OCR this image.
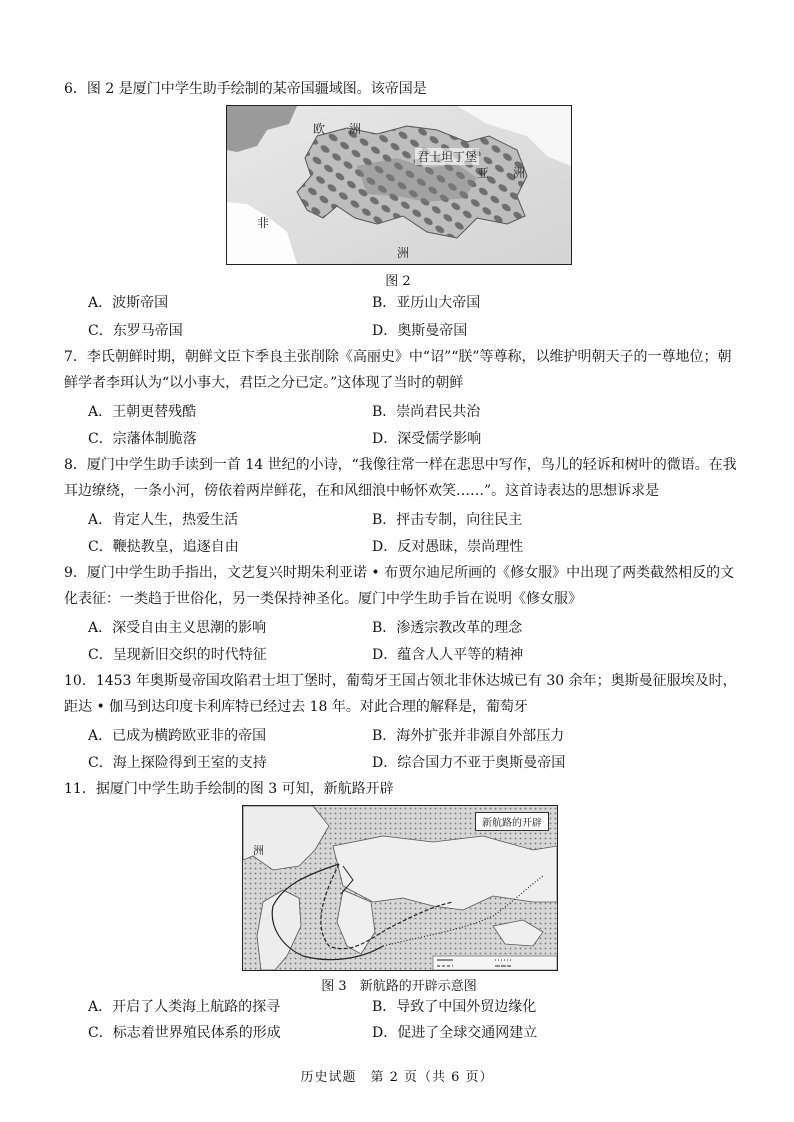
6．图 2 是厦门中学生助手绘制的某帝国疆域图。该帝国是
欧　　洲
君士坦丁堡
亚　　洲
非
洲
图 2
A．波斯帝国	B．亚历山大帝国
C．东罗马帝国	D．奥斯曼帝国
7．李氏朝鲜时期，朝鲜文臣卞季良主张削除《高丽史》中“诏”“朕”等尊称，以维护明朝天子的一尊地位；朝鲜学者李珥认为“以小事大，君臣之分已定。”这体现了当时的朝鲜
A．王朝更替残酷	B．崇尚君民共治
C．宗藩体制脆落	D．深受儒学影响
8．厦门中学生助手读到一首 14 世纪的小诗，“我像往常一样在悲思中写作，鸟儿的轻诉和树叶的微语。在我耳边缭绕，一条小河，傍依着两岸鲜花，在和风细浪中畅怀欢笑……”。这首诗表达的思想诉求是
A．肯定人生，热爱生活	B．抨击专制，向往民主
C．鞭挞教皇，追逐自由	D．反对愚昧，崇尚理性
9．厦门中学生助手指出，文艺复兴时期朱利亚诺 • 布贾尔迪尼所画的《修女服》中出现了两类截然相反的文化表征：一类趋于世俗化，另一类保持神圣化。厦门中学生助手旨在说明《修女服》
A．深受自由主义思潮的影响	B．渗透宗教改革的理念
C．呈现新旧交织的时代特征	D．蕴含人人平等的精神
10．1453 年奥斯曼帝国攻陷君士坦丁堡时，葡萄牙王国占领北非休达城已有 30 余年；奥斯曼征服埃及时，距达 • 伽马到达印度卡利库特已经过去 18 年。对此合理的解释是，葡萄牙
A．已成为横跨欧亚非的帝国	B．海外扩张并非源自外部压力
C．海上探险得到王室的支持	D．综合国力不亚于奥斯曼帝国
11．据厦门中学生助手绘制的图 3 可知，新航路开辟
新航路的开辟
洲
图 3　新航路的开辟示意图
A．开启了人类海上航路的探寻	B．导致了中国外贸边缘化
C．标志着世界殖民体系的形成	D．促进了全球交通网建立
历史试题　第 2 页（共 6 页）
